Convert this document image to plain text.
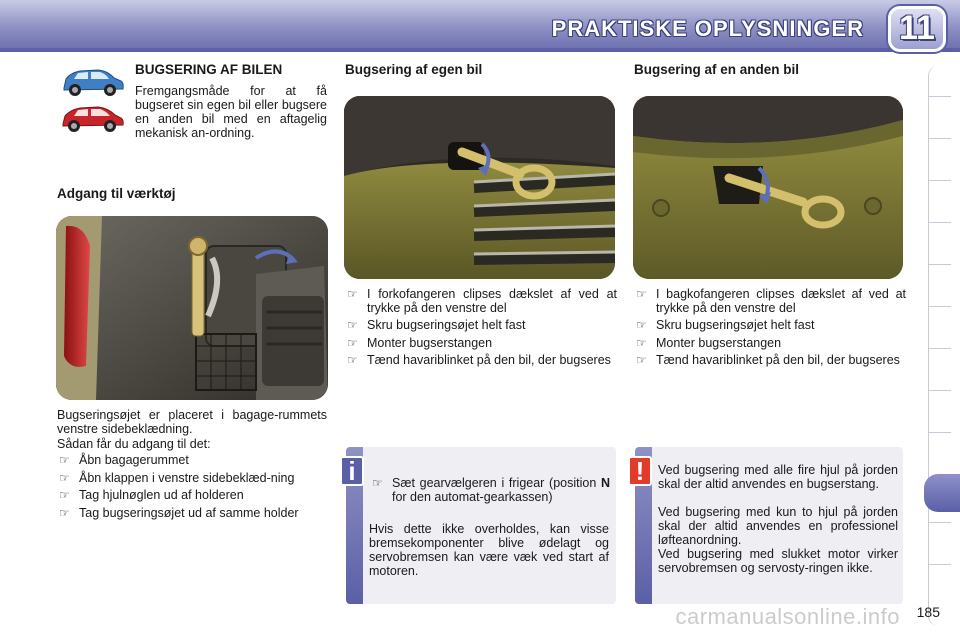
PRAKTISKE OPLYSNINGER 11
BUGSERING AF BILEN
Fremgangsmåde for at få bugseret sin egen bil eller bugsere en anden bil med en aftagelig mekanisk an-ordning.
Adgang til værktøj
Bugseringsøjet er placeret i bagage-rummets venstre sidebeklædning.
Sådan får du adgang til det:
☞ Åbn bagagerummet
☞ Åbn klappen i venstre sidebeklæd-ning
☞ Tag hjulnøglen ud af holderen
☞ Tag bugseringsøjet ud af samme holder
Bugsering af egen bil
☞ I forkofangeren clipses dækslet af ved at trykke på den venstre del
☞ Skru bugseringsøjet helt fast
☞ Monter bugserstangen
☞ Tænd havariblinket på den bil, der bugseres
☞ Sæt gearvælgeren i frigear (position N for den automat-gearkassen)
Hvis dette ikke overholdes, kan visse bremsekomponenter blive ødelagt og servobremsen kan være væk ved start af motoren.
i
Bugsering af en anden bil
☞ I bagkofangeren clipses dækslet af ved at trykke på den venstre del
☞ Skru bugseringsøjet helt fast
☞ Monter bugserstangen
☞ Tænd havariblinket på den bil, der bugseres
Ved bugsering med alle fire hjul på jorden skal der altid anvendes en bugserstang.
Ved bugsering med kun to hjul på jorden skal der altid anvendes en professionel løfteanordning.
Ved bugsering med slukket motor virker servobremsen og servosty-ringen ikke.
!
185
carmanualsonline.info
